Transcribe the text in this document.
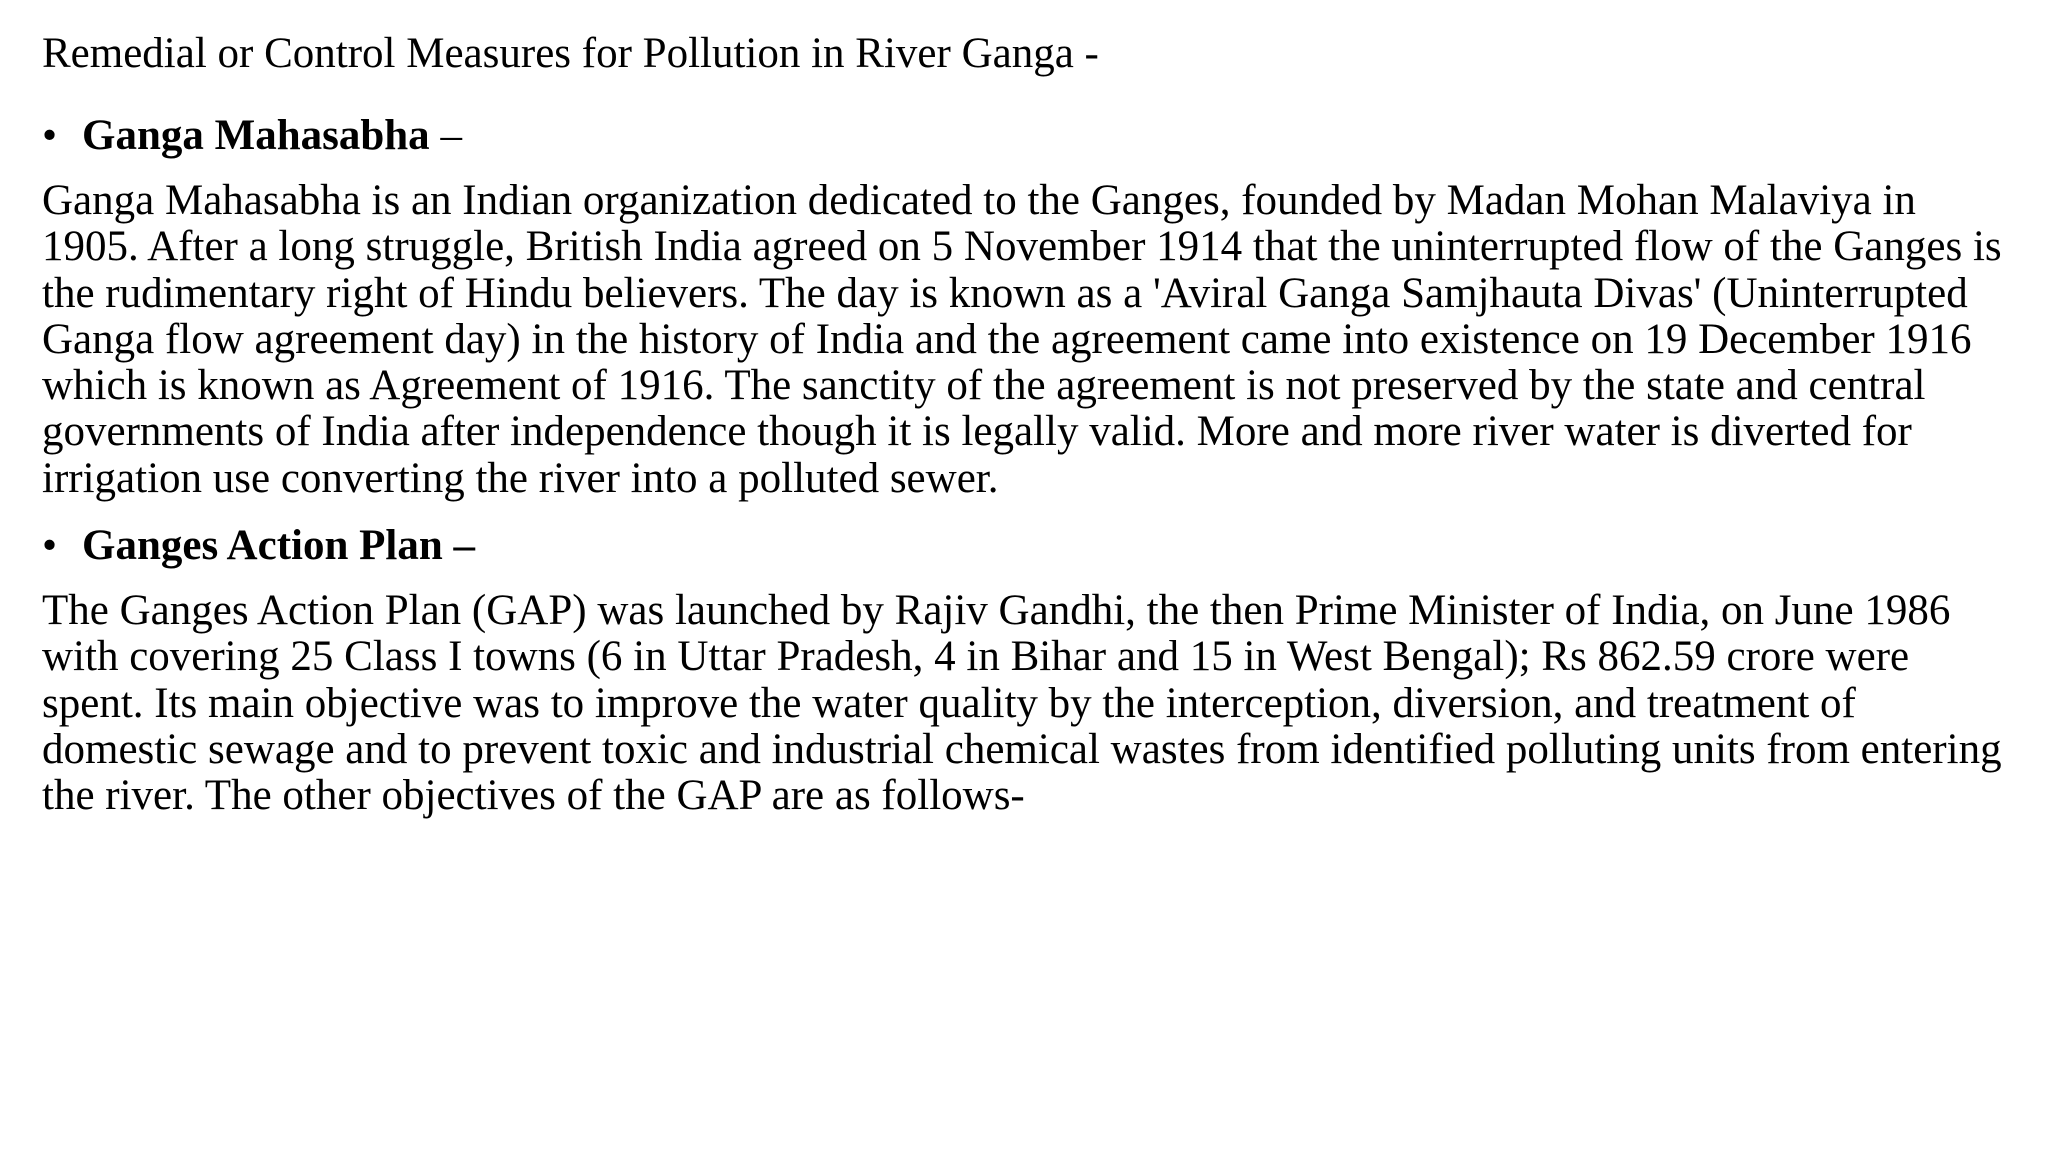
Remedial or Control Measures for Pollution in River Ganga -
• Ganga Mahasabha –
Ganga Mahasabha is an Indian organization dedicated to the Ganges, founded by Madan Mohan Malaviya in
1905. After a long struggle, British India agreed on 5 November 1914 that the uninterrupted flow of the Ganges is
the rudimentary right of Hindu believers. The day is known as a 'Aviral Ganga Samjhauta Divas' (Uninterrupted
Ganga flow agreement day) in the history of India and the agreement came into existence on 19 December 1916
which is known as Agreement of 1916. The sanctity of the agreement is not preserved by the state and central
governments of India after independence though it is legally valid. More and more river water is diverted for
irrigation use converting the river into a polluted sewer.
• Ganges Action Plan –
The Ganges Action Plan (GAP) was launched by Rajiv Gandhi, the then Prime Minister of India, on June 1986
with covering 25 Class I towns (6 in Uttar Pradesh, 4 in Bihar and 15 in West Bengal); Rs 862.59 crore were
spent. Its main objective was to improve the water quality by the interception, diversion, and treatment of
domestic sewage and to prevent toxic and industrial chemical wastes from identified polluting units from entering
the river. The other objectives of the GAP are as follows-
